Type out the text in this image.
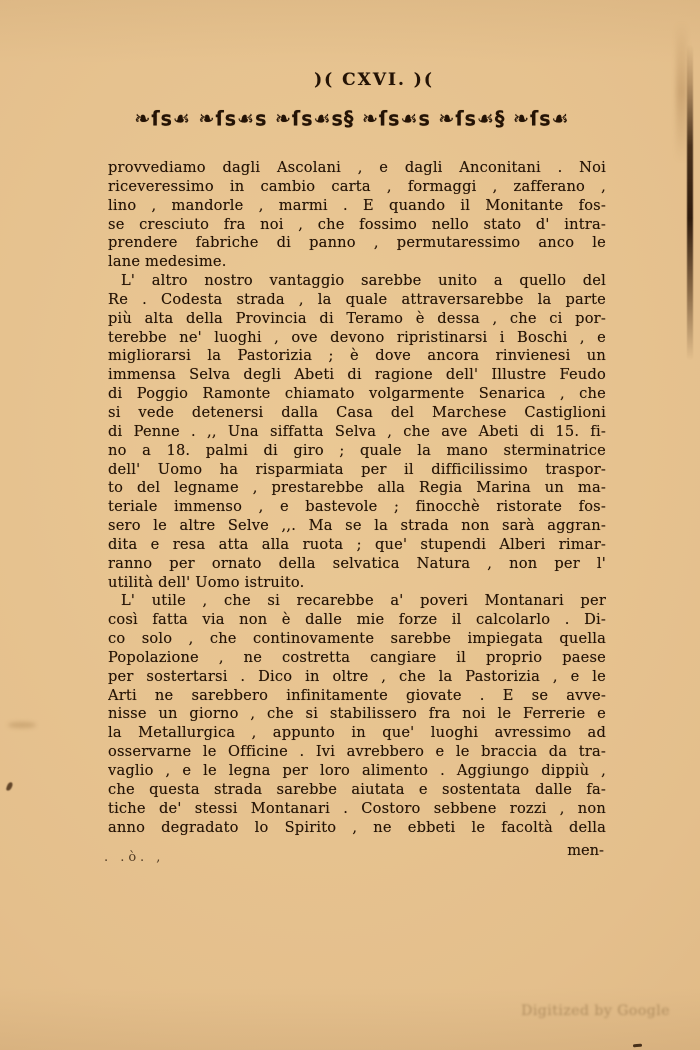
)( CXVI. )(
❧ſs☙ ❧ſs☙s ❧ſs☙s§ ❧ſs☙s ❧ſs☙§ ❧ſs☙
provvediamo dagli Ascolani , e dagli Anconitani . Noi
riceveressimo in cambio carta , formaggi , zafferano ,
lino , mandorle , marmi . E quando il Monitante fos-
se cresciuto fra noi , che fossimo nello stato d' intra-
prendere fabriche di panno , permutaressimo anco le
lane medesime.
L' altro nostro vantaggio sarebbe unito a quello del
Re . Codesta strada , la quale attraversarebbe la parte
più alta della Provincia di Teramo è dessa , che ci por-
terebbe ne' luoghi , ove devono ripristinarsi i Boschi , e
migliorarsi la Pastorizia ; è dove ancora rinvienesi un
immensa Selva degli Abeti di ragione dell' Illustre Feudo
di Poggio Ramonte chiamato volgarmente Senarica , che
si vede detenersi dalla Casa del Marchese Castiglioni
di Penne . ,, Una siffatta Selva , che ave Abeti di 15. fi-
no a 18. palmi di giro ; quale la mano sterminatrice
dell' Uomo ha risparmiata per il difficilissimo traspor-
to del legname , prestarebbe alla Regia Marina un ma-
teriale immenso , e bastevole ; finocchè ristorate fos-
sero le altre Selve ,,. Ma se la strada non sarà aggran-
dita e resa atta alla ruota ; que' stupendi Alberi rimar-
ranno per ornato della selvatica Natura , non per l'
utilità dell' Uomo istruito.
L' utile , che si recarebbe a' poveri Montanari per
così fatta via non è dalle mie forze il calcolarlo . Di-
co solo , che continovamente sarebbe impiegata quella
Popolazione , ne costretta cangiare il proprio paese
per sostertarsi . Dico in oltre , che la Pastorizia , e le
Arti ne sarebbero infinitamente giovate . E se avve-
nisse un giorno , che si stabilissero fra noi le Ferrerie e
la Metallurgica , appunto in que' luoghi avressimo ad
osservarne le Officine . Ivi avrebbero e le braccia da tra-
vaglio , e le legna per loro alimento . Aggiungo dippiù ,
che questa strada sarebbe aiutata e sostentata dalle fa-
tiche de' stessi Montanari . Costoro sebbene rozzi , non
anno degradato lo Spirito , ne ebbeti le facoltà della
men-
. .ò. ,
Digitized by Google
